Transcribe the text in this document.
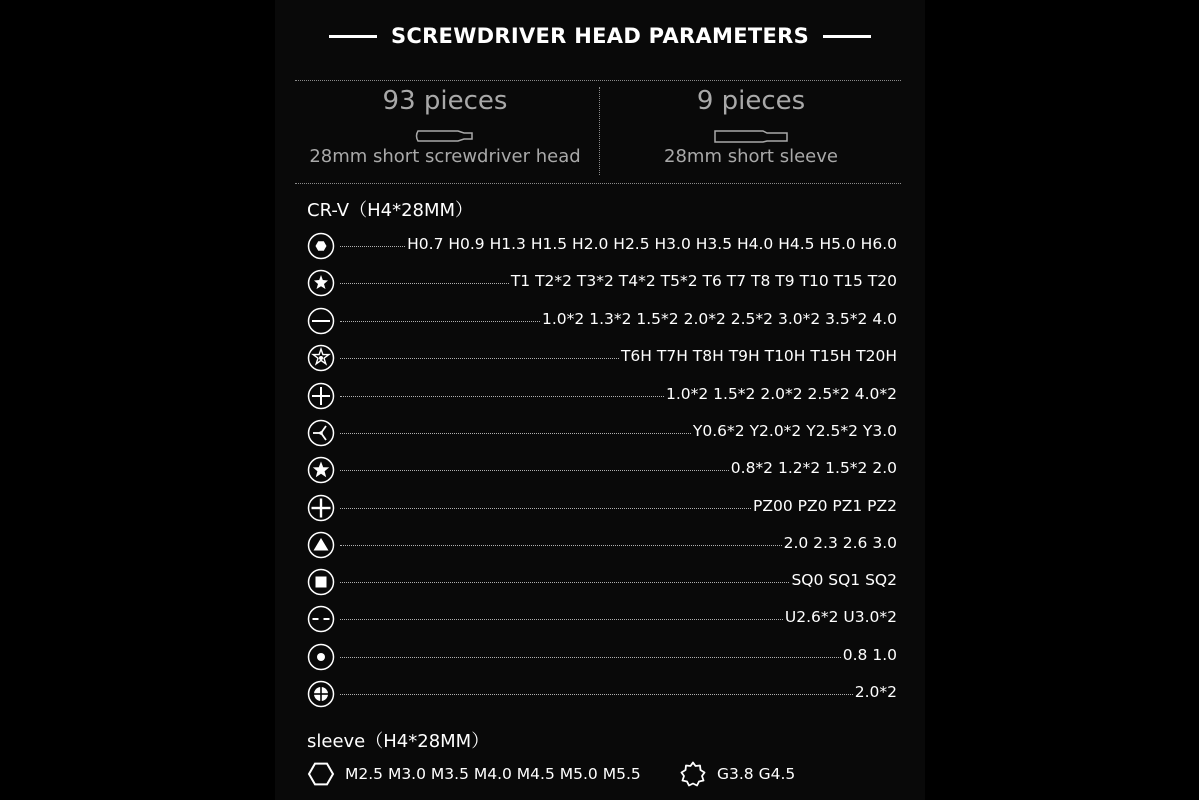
SCREWDRIVER HEAD PARAMETERS
93 pieces
28mm short screwdriver head
9 pieces
28mm short sleeve
CR-V（H4*28MM）
H0.7 H0.9 H1.3 H1.5 H2.0 H2.5 H3.0 H3.5 H4.0 H4.5 H5.0 H6.0
T1 T2*2 T3*2 T4*2 T5*2 T6 T7 T8 T9 T10 T15 T20
1.0*2 1.3*2 1.5*2 2.0*2 2.5*2 3.0*2 3.5*2 4.0
T6H T7H T8H T9H T10H T15H T20H
1.0*2 1.5*2 2.0*2 2.5*2 4.0*2
Y0.6*2 Y2.0*2 Y2.5*2 Y3.0
0.8*2 1.2*2 1.5*2 2.0
PZ00 PZ0 PZ1 PZ2
2.0 2.3 2.6 3.0
SQ0 SQ1 SQ2
U2.6*2 U3.0*2
0.8 1.0
2.0*2
sleeve（H4*28MM）
M2.5 M3.0 M3.5 M4.0 M4.5 M5.0 M5.5	G3.8 G4.5
